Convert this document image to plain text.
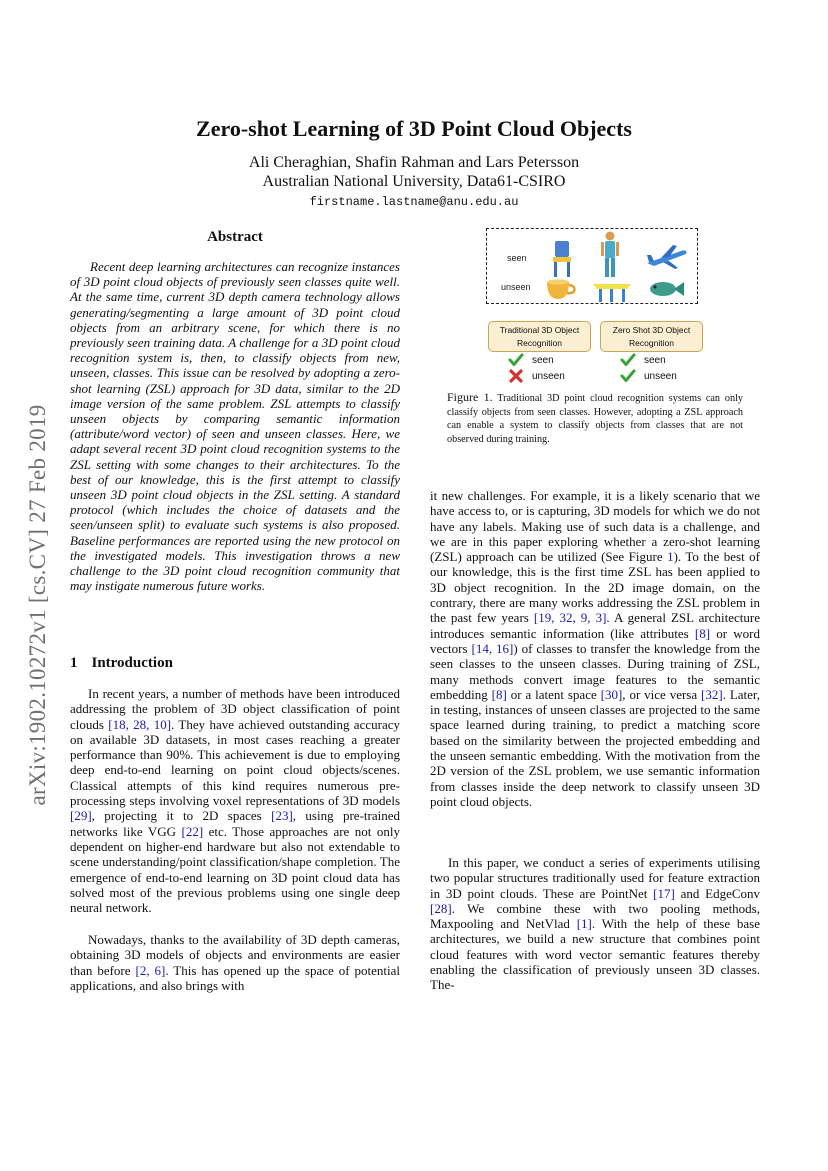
arXiv:1902.10272v1 [cs.CV] 27 Feb 2019
Zero-shot Learning of 3D Point Cloud Objects
Ali Cheraghian, Shafin Rahman and Lars Petersson
Australian National University, Data61-CSIRO
firstname.lastname@anu.edu.au
Abstract

Recent deep learning architectures can recognize instances of 3D point cloud objects of previously seen classes quite well. At the same time, current 3D depth camera technology allows generating/segmenting a large amount of 3D point cloud objects from an arbitrary scene, for which there is no previously seen training data. A challenge for a 3D point cloud recognition system is, then, to classify objects from new, unseen, classes. This issue can be resolved by adopting a zero-shot learning (ZSL) approach for 3D data, similar to the 2D image version of the same problem. ZSL attempts to classify unseen objects by comparing semantic information (attribute/word vector) of seen and unseen classes. Here, we adapt several recent 3D point cloud recognition systems to the ZSL setting with some changes to their architectures. To the best of our knowledge, this is the first attempt to classify unseen 3D point cloud objects in the ZSL setting. A standard protocol (which includes the choice of datasets and the seen/unseen split) to evaluate such systems is also proposed. Baseline performances are reported using the new protocol on the investigated models. This investigation throws a new challenge to the 3D point cloud recognition community that may instigate numerous future works.

seen
unseen
Traditional 3D Object
Recognition
Zero Shot 3D Object
Recognition
seen
unseen
seen
unseen

Figure 1. Traditional 3D point cloud recognition systems can only classify objects from seen classes. However, adopting a ZSL approach can enable a system to classify objects from classes that are not observed during training.

1 Introduction

In recent years, a number of methods have been introduced addressing the problem of 3D object classification of point clouds [18, 28, 10]. They have achieved outstanding accuracy on available 3D datasets, in most cases reaching a greater performance than 90%. This achievement is due to employing deep end-to-end learning on point cloud objects/scenes. Classical attempts of this kind requires numerous pre-processing steps involving voxel representations of 3D models [29], projecting it to 2D spaces [23], using pre-trained networks like VGG [22] etc. Those approaches are not only dependent on higher-end hardware but also not extendable to scene understanding/point classification/shape completion. The emergence of end-to-end learning on 3D point cloud data has solved most of the previous problems using one single deep neural network.

Nowadays, thanks to the availability of 3D depth cameras, obtaining 3D models of objects and environments are easier than before [2, 6]. This has opened up the space of potential applications, and also brings with

it new challenges. For example, it is a likely scenario that we have access to, or is capturing, 3D models for which we do not have any labels. Making use of such data is a challenge, and we are in this paper exploring whether a zero-shot learning (ZSL) approach can be utilized (See Figure 1). To the best of our knowledge, this is the first time ZSL has been applied to 3D object recognition. In the 2D image domain, on the contrary, there are many works addressing the ZSL problem in the past few years [19, 32, 9, 3]. A general ZSL architecture introduces semantic information (like attributes [8] or word vectors [14, 16]) of classes to transfer the knowledge from the seen classes to the unseen classes. During training of ZSL, many methods convert image features to the semantic embedding [8] or a latent space [30], or vice versa [32]. Later, in testing, instances of unseen classes are projected to the same space learned during training, to predict a matching score based on the similarity between the projected embedding and the unseen semantic embedding. With the motivation from the 2D version of the ZSL problem, we use semantic information from classes inside the deep network to classify unseen 3D point cloud objects.

In this paper, we conduct a series of experiments utilising two popular structures traditionally used for feature extraction in 3D point clouds. These are PointNet [17] and EdgeConv [28]. We combine these with two pooling methods, Maxpooling and NetVlad [1]. With the help of these base architectures, we build a new structure that combines point cloud features with word vector semantic features thereby enabling the classification of previously unseen 3D classes. The-
